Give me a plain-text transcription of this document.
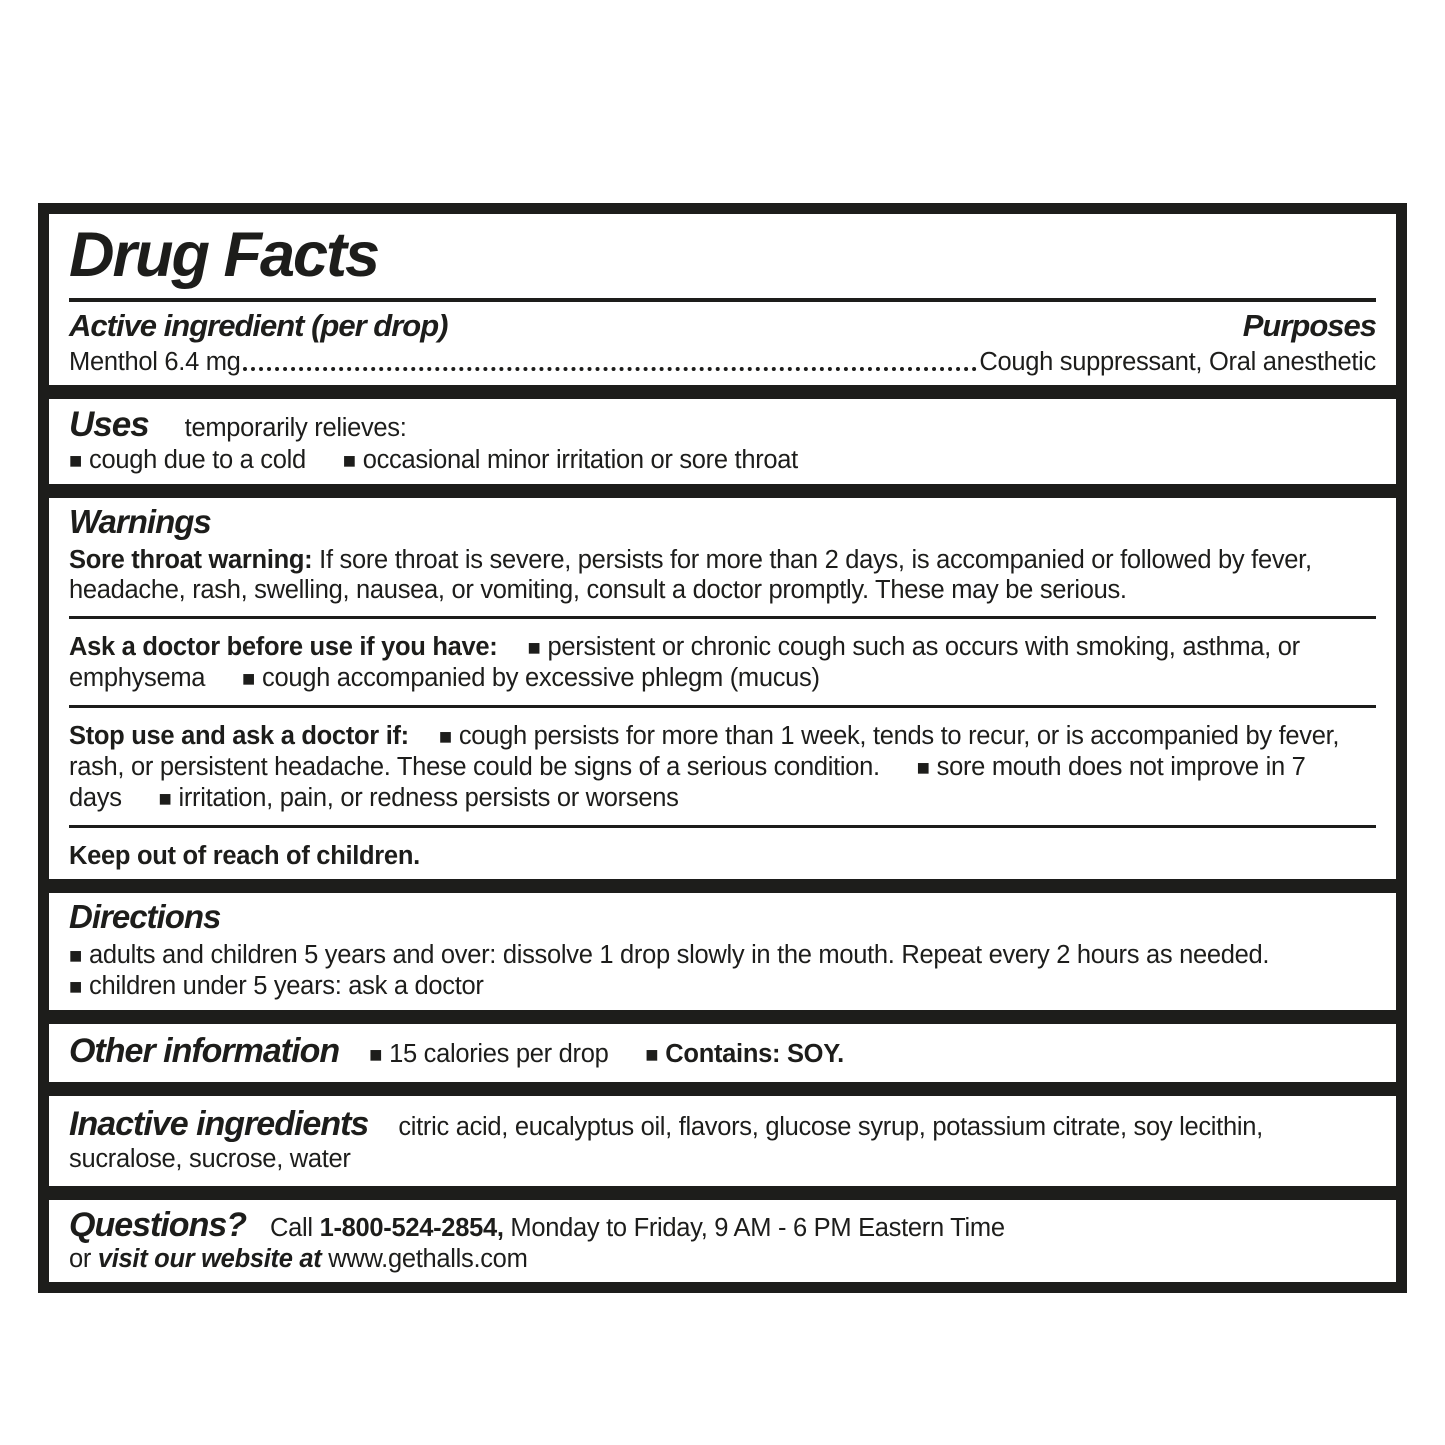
Drug Facts
Active ingredient (per drop)	Purposes
Menthol 6.4 mg	Cough suppressant, Oral anesthetic

Uses temporarily relieves:

■ cough due to a cold ■ occasional minor irritation or sore throat

Warnings

Sore throat warning: If sore throat is severe, persists for more than 2 days, is accompanied or followed by fever, headache, rash, swelling, nausea, or vomiting, consult a doctor promptly. These may be serious.

Ask a doctor before use if you have: ■ persistent or chronic cough such as occurs with smoking, asthma, or emphysema ■ cough accompanied by excessive phlegm (mucus)

Stop use and ask a doctor if: ■ cough persists for more than 1 week, tends to recur, or is accompanied by fever, rash, or persistent headache. These could be signs of a serious condition. ■ sore mouth does not improve in 7 days ■ irritation, pain, or redness persists or worsens

Keep out of reach of children.

Directions

■ adults and children 5 years and over: dissolve 1 drop slowly in the mouth. Repeat every 2 hours as needed.

■ children under 5 years: ask a doctor

Other information ■ 15 calories per drop ■ Contains: SOY.

Inactive ingredients citric acid, eucalyptus oil, flavors, glucose syrup, potassium citrate, soy lecithin, sucralose, sucrose, water

Questions? Call 1-800-524-2854, Monday to Friday, 9 AM - 6 PM Eastern Time

or visit our website at www.gethalls.com
